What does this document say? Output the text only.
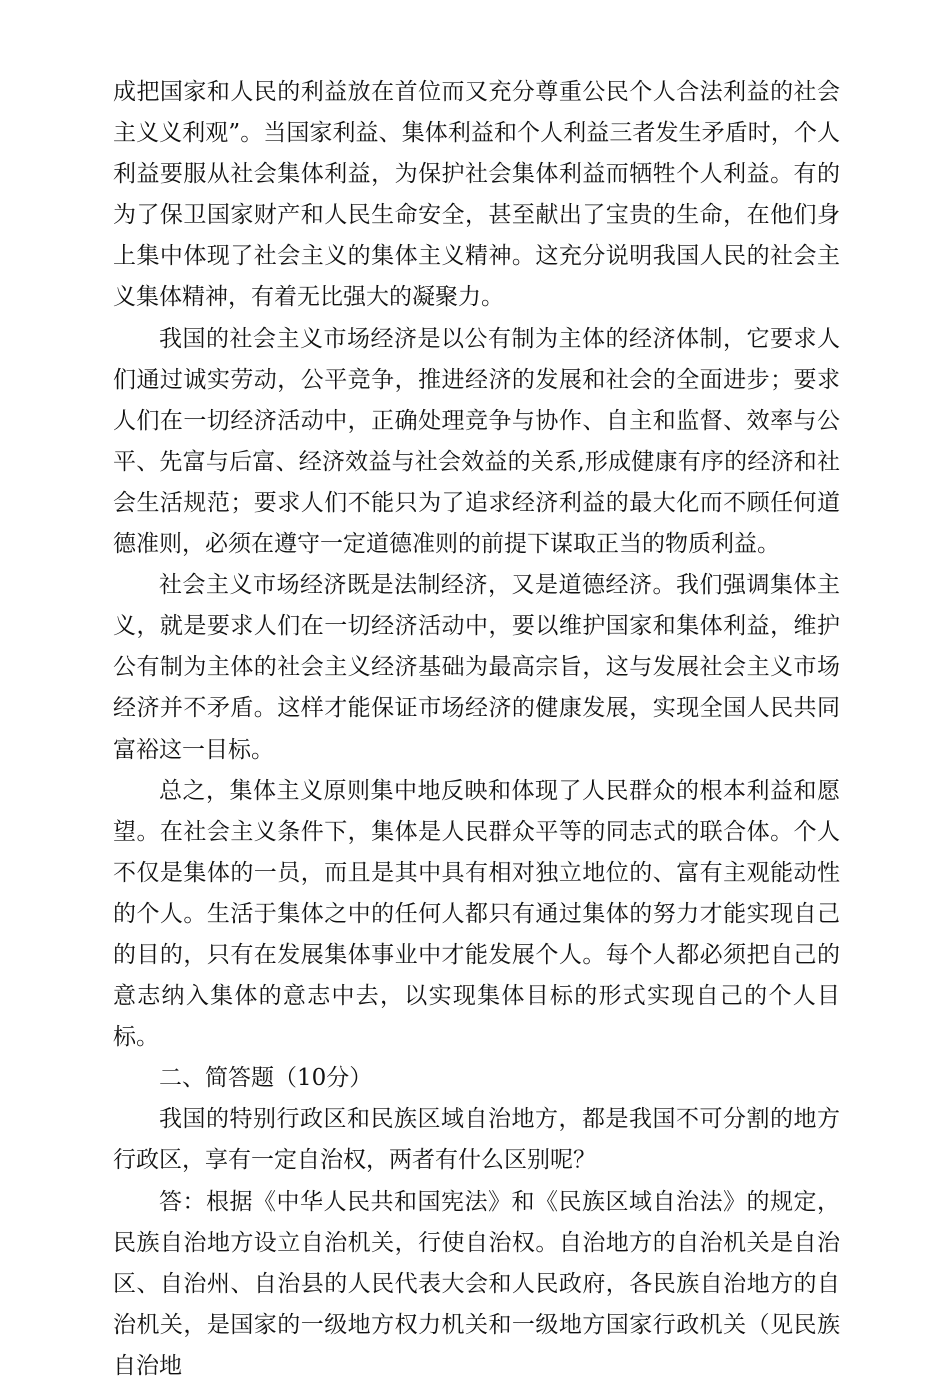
成把国家和人民的利益放在首位而又充分尊重公民个人合法利益的社会主义义利观”。当国家利益、集体利益和个人利益三者发生矛盾时，个人利益要服从社会集体利益，为保护社会集体利益而牺牲个人利益。有的为了保卫国家财产和人民生命安全，甚至献出了宝贵的生命，在他们身上集中体现了社会主义的集体主义精神。这充分说明我国人民的社会主义集体精神，有着无比强大的凝聚力。

我国的社会主义市场经济是以公有制为主体的经济体制，它要求人们通过诚实劳动，公平竞争，推进经济的发展和社会的全面进步；要求人们在一切经济活动中，正确处理竞争与协作、自主和监督、效率与公平、先富与后富、经济效益与社会效益的关系,形成健康有序的经济和社会生活规范；要求人们不能只为了追求经济利益的最大化而不顾任何道德准则，必须在遵守一定道德准则的前提下谋取正当的物质利益。

社会主义市场经济既是法制经济，又是道德经济。我们强调集体主义，就是要求人们在一切经济活动中，要以维护国家和集体利益，维护公有制为主体的社会主义经济基础为最高宗旨，这与发展社会主义市场经济并不矛盾。这样才能保证市场经济的健康发展，实现全国人民共同富裕这一目标。

总之，集体主义原则集中地反映和体现了人民群众的根本利益和愿望。在社会主义条件下，集体是人民群众平等的同志式的联合体。个人不仅是集体的一员，而且是其中具有相对独立地位的、富有主观能动性的个人。生活于集体之中的任何人都只有通过集体的努力才能实现自己的目的，只有在发展集体事业中才能发展个人。每个人都必须把自己的意志纳入集体的意志中去，以实现集体目标的形式实现自己的个人目标。

二、简答题（10分）

我国的特别行政区和民族区域自治地方，都是我国不可分割的地方行政区，享有一定自治权，两者有什么区别呢？

答：根据《中华人民共和国宪法》和《民族区域自治法》的规定，民族自治地方设立自治机关，行使自治权。自治地方的自治机关是自治区、自治州、自治县的人民代表大会和人民政府，各民族自治地方的自治机关，是国家的一级地方权力机关和一级地方国家行政机关（见民族自治地
